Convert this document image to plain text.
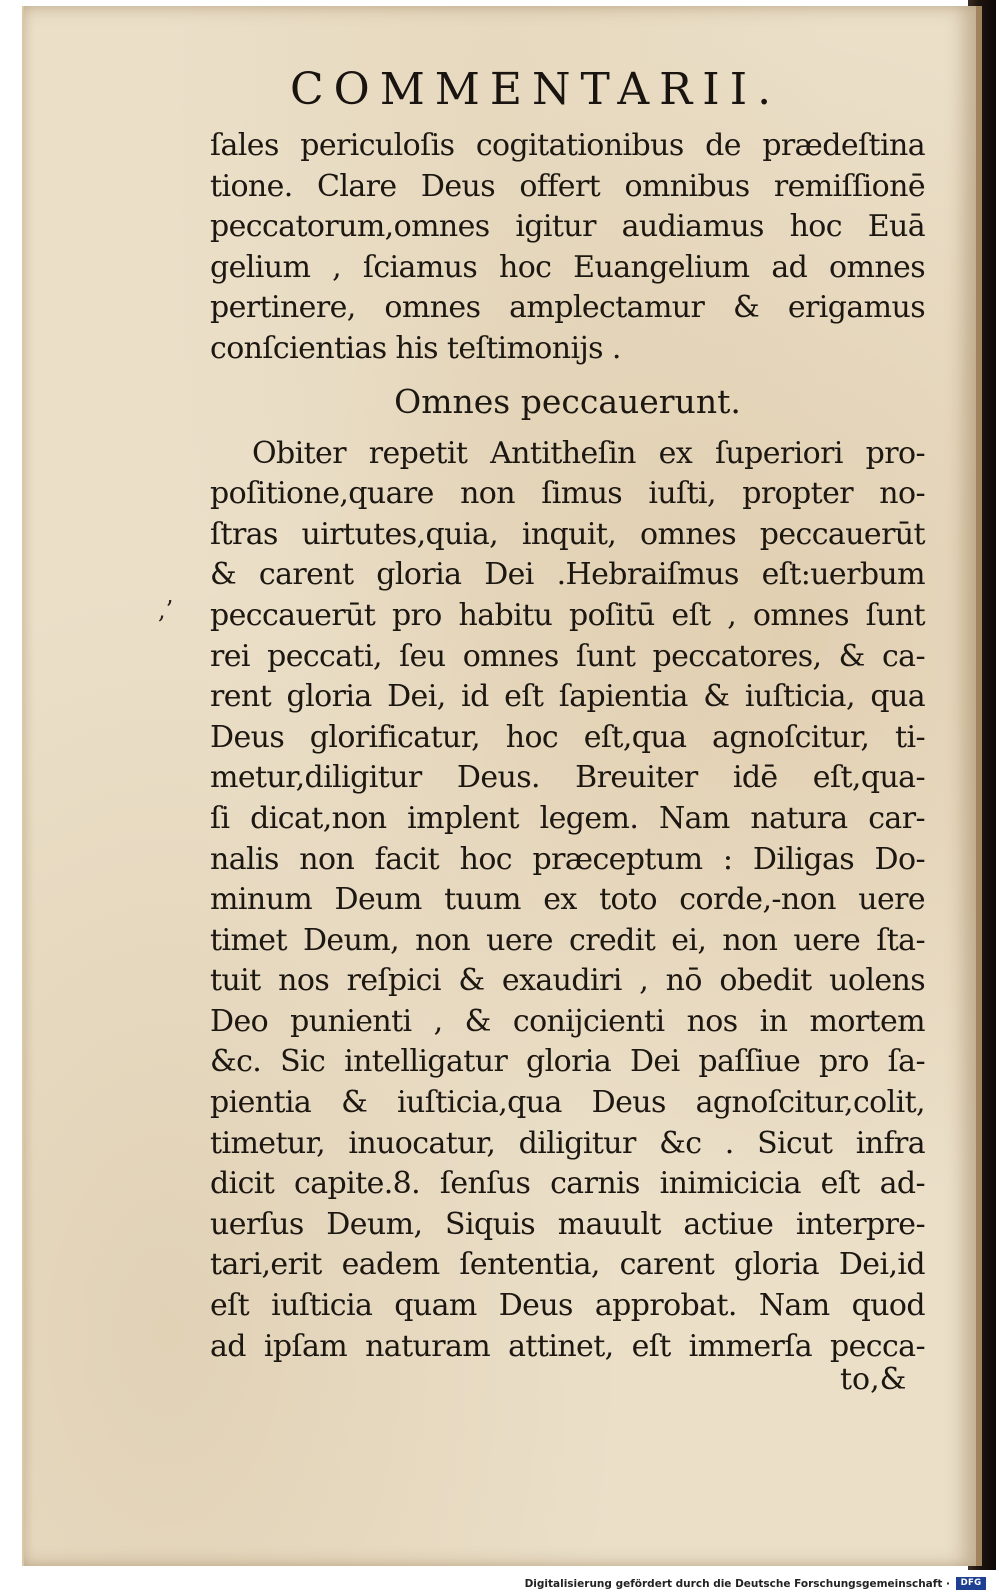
COMMENTARII.

,’
ſales periculoſis cogitationibus de prædeſtina
tione. Clare Deus offert omnibus remiſſionē
peccatorum,omnes igitur audiamus hoc Euā
gelium , ſciamus hoc Euangelium ad omnes
pertinere, omnes amplectamur & erigamus
conſcientias his teſtimonijs .
Omnes peccauerunt.
Obiter repetit Antitheſin ex ſuperiori pro-
poſitione,quare non ſimus iuſti, propter no-
ſtras uirtutes,quia, inquit, omnes peccauerūt
& carent gloria Dei .Hebraiſmus eſt:uerbum
peccauerūt pro habitu poſitū eſt , omnes ſunt
rei peccati, ſeu omnes ſunt peccatores, & ca-
rent gloria Dei, id eſt ſapientia & iuſticia, qua
Deus glorificatur, hoc eſt,qua agnoſcitur, ti-
metur,diligitur Deus. Breuiter idē eſt,qua-
ſi dicat,non implent legem. Nam natura car-
nalis non facit hoc præceptum : Diligas Do-
minum Deum tuum ex toto corde,-non uere
timet Deum, non uere credit ei, non uere ſta-
tuit nos reſpici & exaudiri , nō obedit uolens
Deo punienti , & conijcienti nos in mortem
&c. Sic intelligatur gloria Dei paſſiue pro ſa-
pientia & iuſticia,qua Deus agnoſcitur,colit,
timetur, inuocatur, diligitur &c . Sicut infra
dicit capite.8. ſenſus carnis inimicicia eſt ad-
uerſus Deum, Siquis mauult actiue interpre-
tari,erit eadem ſententia, carent gloria Dei,id
eſt iuſticia quam Deus approbat. Nam quod
ad ipſam naturam attinet, eſt immerſa pecca-
to,&
Digitalisierung gefördert durch die Deutsche Forschungsgemeinschaft ·	DFG
